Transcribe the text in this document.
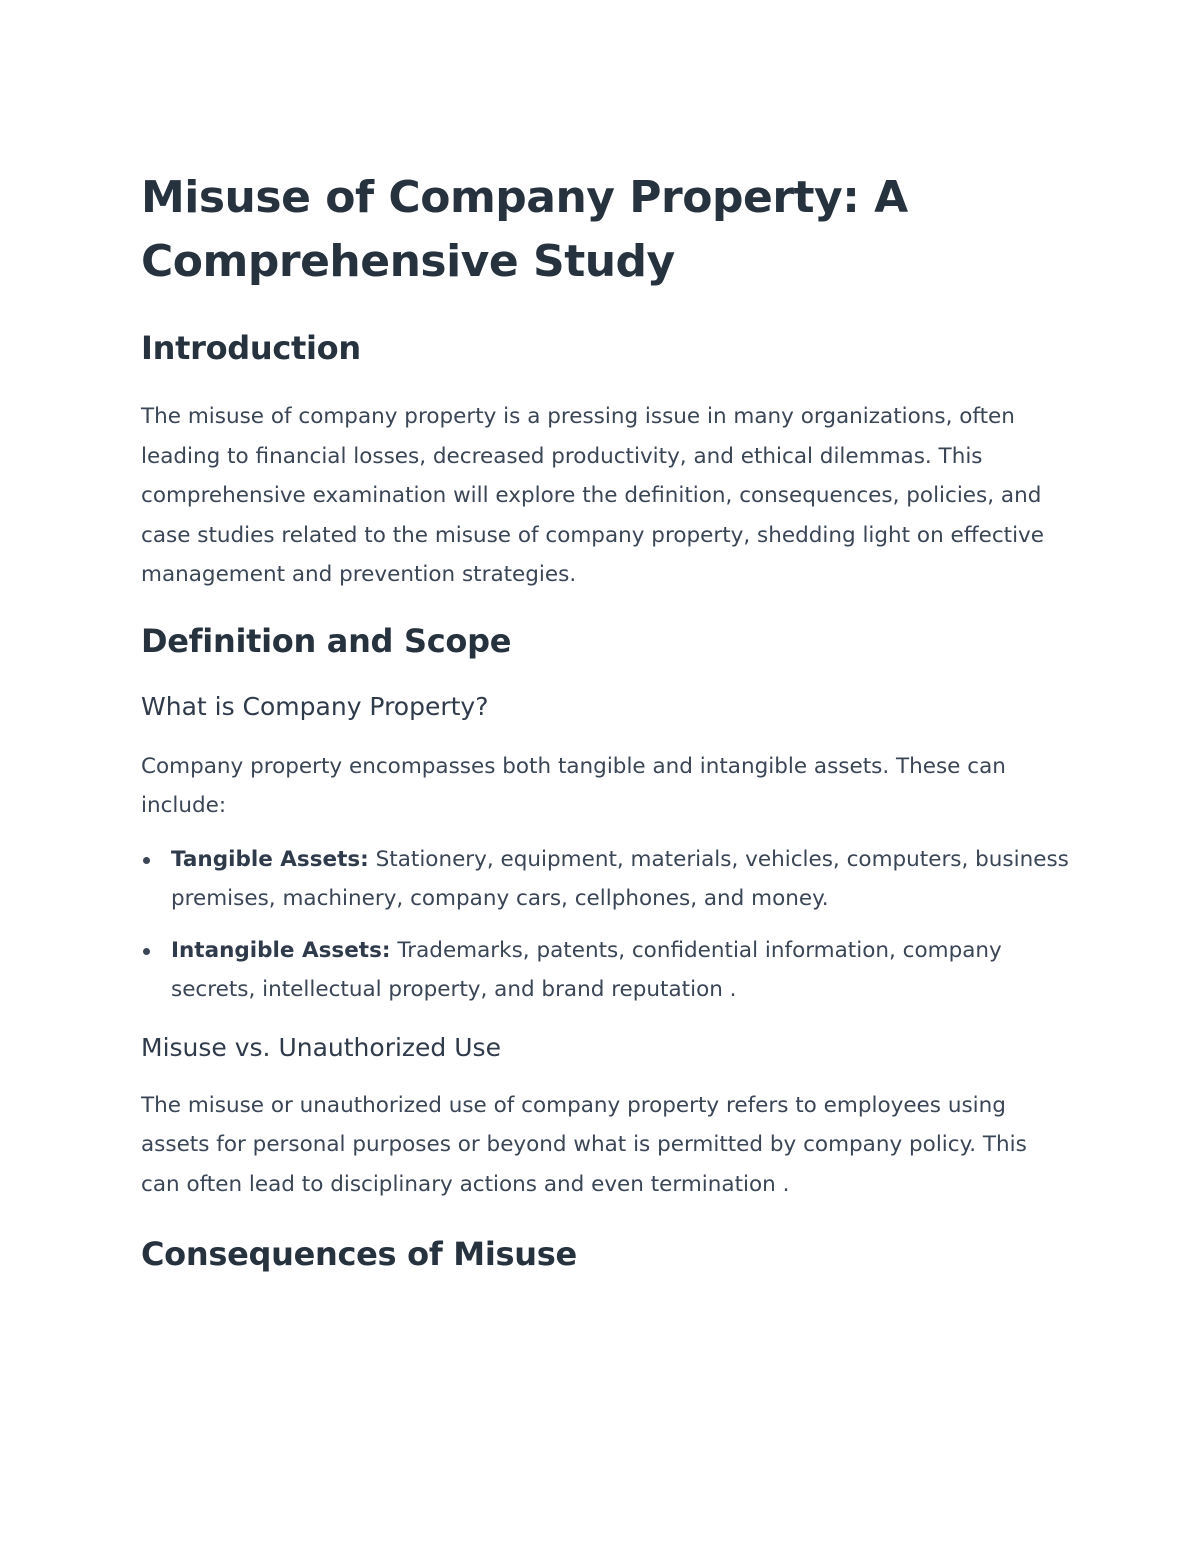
Misuse of Company Property: A Comprehensive Study
Introduction

The misuse of company property is a pressing issue in many organizations, often leading to financial losses, decreased productivity, and ethical dilemmas. This comprehensive examination will explore the definition, consequences, policies, and case studies related to the misuse of company property, shedding light on effective management and prevention strategies.

Definition and Scope
What is Company Property?

Company property encompasses both tangible and intangible assets. These can include:

Tangible Assets: Stationery, equipment, materials, vehicles, computers, business premises, machinery, company cars, cellphones, and money.
Intangible Assets: Trademarks, patents, confidential information, company secrets, intellectual property, and brand reputation .
Misuse vs. Unauthorized Use

The misuse or unauthorized use of company property refers to employees using assets for personal purposes or beyond what is permitted by company policy. This can often lead to disciplinary actions and even termination .

Consequences of Misuse
